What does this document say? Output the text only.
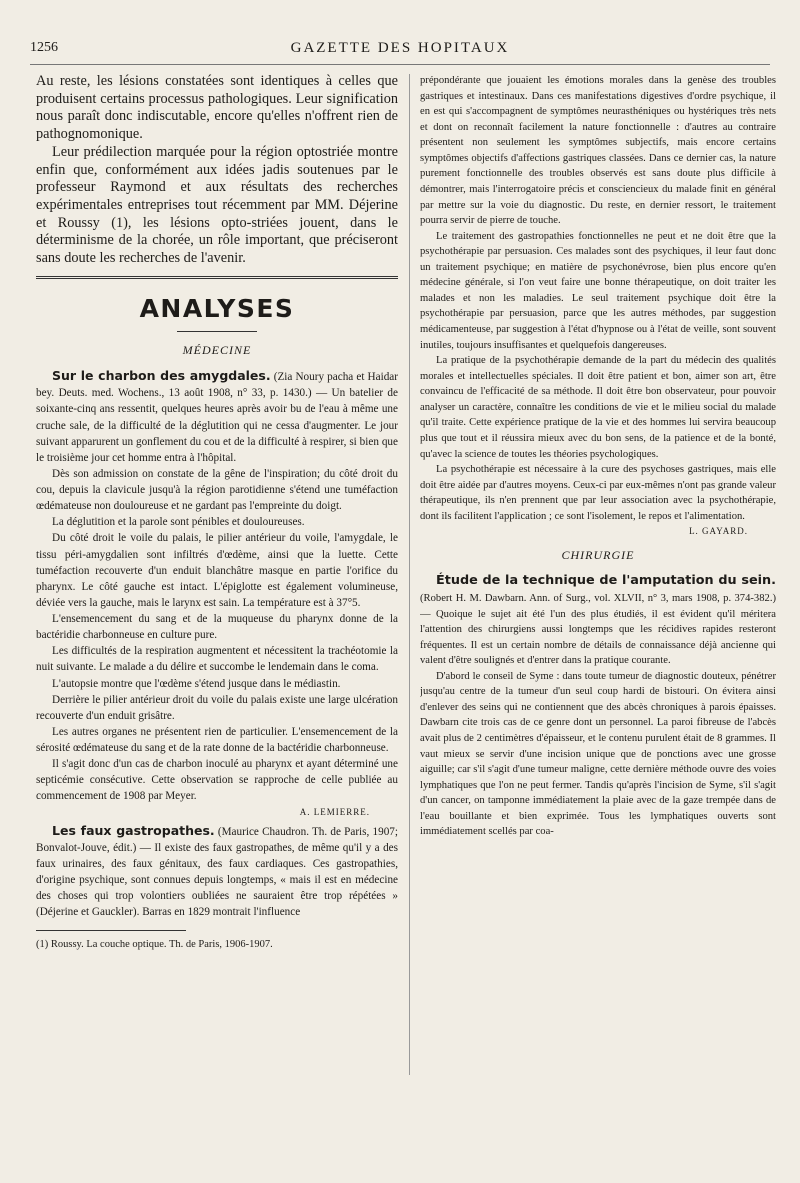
1256	GAZETTE DES HOPITAUX

Au reste, les lésions constatées sont identiques à celles que produisent certains processus pathologiques. Leur signification nous paraît donc indiscutable, encore qu'elles n'offrent rien de pathognomonique.

Leur prédilection marquée pour la région optostriée montre enfin que, conformément aux idées jadis soutenues par le professeur Raymond et aux résultats des recherches expérimentales entreprises tout récemment par MM. Déjerine et Roussy (1), les lésions opto-striées jouent, dans le déterminisme de la chorée, un rôle important, que préciseront sans doute les recherches de l'avenir.

ANALYSES
MÉDECINE

Sur le charbon des amygdales. (Zia Noury pacha et Haidar bey. Deuts. med. Wochens., 13 août 1908, n° 33, p. 1430.) — Un batelier de soixante-cinq ans ressentit, quelques heures après avoir bu de l'eau à même une cruche sale, de la difficulté de la déglutition qui ne cessa d'augmenter. Le jour suivant apparurent un gonflement du cou et de la difficulté à respirer, si bien que le troisième jour cet homme entra à l'hôpital.

Dès son admission on constate de la gêne de l'inspiration; du côté droit du cou, depuis la clavicule jusqu'à la région parotidienne s'étend une tuméfaction œdémateuse non douloureuse et ne gardant pas l'empreinte du doigt.

La déglutition et la parole sont pénibles et douloureuses.

Du côté droit le voile du palais, le pilier antérieur du voile, l'amygdale, le tissu péri-amygdalien sont infiltrés d'œdème, ainsi que la luette. Cette tuméfaction recouverte d'un enduit blanchâtre masque en partie l'orifice du pharynx. Le côté gauche est intact. L'épiglotte est également volumineuse, déviée vers la gauche, mais le larynx est sain. La température est à 37°5.

L'ensemencement du sang et de la muqueuse du pharynx donne de la bactéridie charbonneuse en culture pure.

Les difficultés de la respiration augmentent et nécessitent la trachéotomie la nuit suivante. Le malade a du délire et succombe le lendemain dans le coma.

L'autopsie montre que l'œdème s'étend jusque dans le médiastin.

Derrière le pilier antérieur droit du voile du palais existe une large ulcération recouverte d'un enduit grisâtre.

Les autres organes ne présentent rien de particulier. L'ensemencement de la sérosité œdémateuse du sang et de la rate donne de la bactéridie charbonneuse.

Il s'agit donc d'un cas de charbon inoculé au pharynx et ayant déterminé une septicémie consécutive. Cette observation se rapproche de celle publiée au commencement de 1908 par Meyer.

A. LEMIERRE.

Les faux gastropathes. (Maurice Chaudron. Th. de Paris, 1907; Bonvalot-Jouve, édit.) — Il existe des faux gastropathes, de même qu'il y a des faux urinaires, des faux génitaux, des faux cardiaques. Ces gastropathies, d'origine psychique, sont connues depuis longtemps, « mais il est en médecine des choses qui trop volontiers oubliées ne sauraient être trop répétées » (Déjerine et Gauckler). Barras en 1829 montrait l'influence

(1) Roussy. La couche optique. Th. de Paris, 1906-1907.

prépondérante que jouaient les émotions morales dans la genèse des troubles gastriques et intestinaux. Dans ces manifestations digestives d'ordre psychique, il en est qui s'accompagnent de symptômes neurasthéniques ou hystériques très nets et dont on reconnaît facilement la nature fonctionnelle : d'autres au contraire présentent non seulement les symptômes subjectifs, mais encore certains symptômes objectifs d'affections gastriques classées. Dans ce dernier cas, la nature purement fonctionnelle des troubles observés est sans doute plus difficile à démontrer, mais l'interrogatoire précis et consciencieux du malade finit en général par mettre sur la voie du diagnostic. Du reste, en dernier ressort, le traitement pourra servir de pierre de touche.

Le traitement des gastropathies fonctionnelles ne peut et ne doit être que la psychothérapie par persuasion. Ces malades sont des psychiques, il leur faut donc un traitement psychique; en matière de psychonévrose, bien plus encore qu'en médecine générale, si l'on veut faire une bonne thérapeutique, on doit traiter les malades et non les maladies. Le seul traitement psychique doit être la psychothérapie par persuasion, parce que les autres méthodes, par suggestion médicamenteuse, par suggestion à l'état d'hypnose ou à l'état de veille, sont souvent inutiles, toujours insuffisantes et quelquefois dangereuses.

La pratique de la psychothérapie demande de la part du médecin des qualités morales et intellectuelles spéciales. Il doit être patient et bon, aimer son art, être convaincu de l'efficacité de sa méthode. Il doit être bon observateur, pour pouvoir analyser un caractère, connaître les conditions de vie et le milieu social du malade qu'il traite. Cette expérience pratique de la vie et des hommes lui servira beaucoup plus que tout et il réussira mieux avec du bon sens, de la patience et de la bonté, qu'avec la science de toutes les théories psychologiques.

La psychothérapie est nécessaire à la cure des psychoses gastriques, mais elle doit être aidée par d'autres moyens. Ceux-ci par eux-mêmes n'ont pas grande valeur thérapeutique, ils n'en prennent que par leur association avec la psychothérapie, dont ils facilitent l'application ; ce sont l'isolement, le repos et l'alimentation.

L. GAYARD.
CHIRURGIE

Étude de la technique de l'amputation du sein. (Robert H. M. Dawbarn. Ann. of Surg., vol. XLVII, n° 3, mars 1908, p. 374-382.) — Quoique le sujet ait été l'un des plus étudiés, il est évident qu'il méritera l'attention des chirurgiens aussi longtemps que les récidives rapides resteront fréquentes. Il est un certain nombre de détails de connaissance déjà ancienne qui valent d'être soulignés et d'entrer dans la pratique courante.

D'abord le conseil de Syme : dans toute tumeur de diagnostic douteux, pénétrer jusqu'au centre de la tumeur d'un seul coup hardi de bistouri. On évitera ainsi d'enlever des seins qui ne contiennent que des abcès chroniques à parois épaisses. Dawbarn cite trois cas de ce genre dont un personnel. La paroi fibreuse de l'abcès avait plus de 2 centimètres d'épaisseur, et le contenu purulent était de 8 grammes. Il vaut mieux se servir d'une incision unique que de ponctions avec une grosse aiguille; car s'il s'agit d'une tumeur maligne, cette dernière méthode ouvre des voies lymphatiques que l'on ne peut fermer. Tandis qu'après l'incision de Syme, s'il s'agit d'un cancer, on tamponne immédiatement la plaie avec de la gaze trempée dans de l'eau bouillante et bien exprimée. Tous les lymphatiques ouverts sont immédiatement scellés par coa-
